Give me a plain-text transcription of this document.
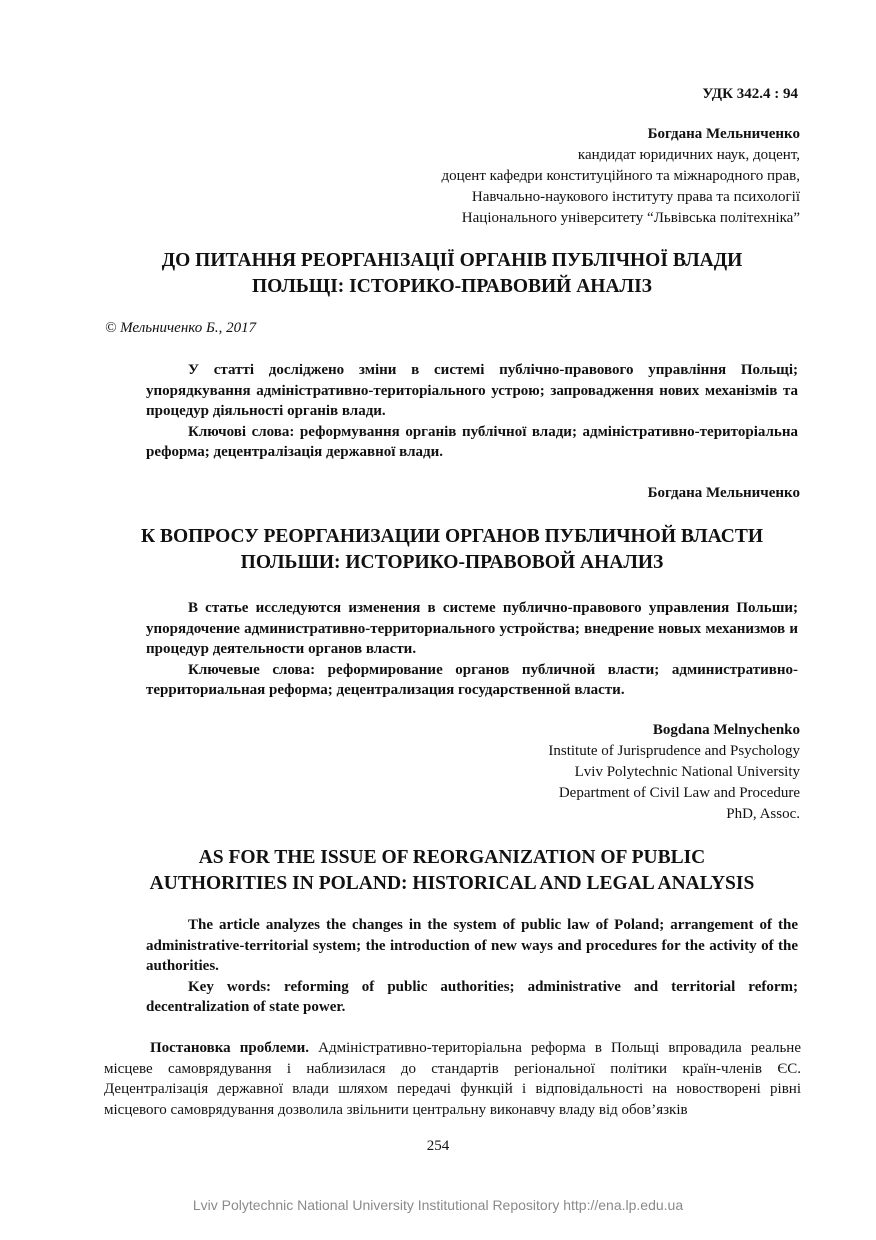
УДК 342.4 : 94
Богдана Мельниченко
кандидат юридичних наук, доцент,
доцент кафедри конституційного та міжнародного прав,
Навчально-наукового інституту права та психології
Національного університету “Львівська політехніка”
ДО ПИТАННЯ РЕОРГАНІЗАЦІЇ ОРГАНІВ ПУБЛІЧНОЇ ВЛАДИ
ПОЛЬЩІ: ІСТОРИКО-ПРАВОВИЙ АНАЛІЗ
© Мельниченко Б., 2017

У статті досліджено зміни в системі публічно-правового управління Польщі; упорядкування адміністративно-територіального устрою; запровадження нових механізмів та процедур діяльності органів влади.

Ключові слова: реформування органів публічної влади; адміністративно-територіальна реформа; децентралізація державної влади.

Богдана Мельниченко
К ВОПРОСУ РЕОРГАНИЗАЦИИ ОРГАНОВ ПУБЛИЧНОЙ ВЛАСТИ
ПОЛЬШИ: ИСТОРИКО-ПРАВОВОЙ АНАЛИЗ

В статье исследуются изменения в системе публично-правового управления Польши; упорядочение административно-территориального устройства; внедрение новых механизмов и процедур деятельности органов власти.

Ключевые слова: реформирование органов публичной власти; административно-территориальная реформа; децентрализация государственной власти.

Bogdana Melnychenko
Institute of Jurisprudence and Psychology
Lviv Polytechnic National University
Department of Civil Law and Procedure
PhD, Assoc.
AS FOR THE ISSUE OF REORGANIZATION OF PUBLIC
AUTHORITIES IN POLAND: HISTORICAL AND LEGAL ANALYSIS

The article analyzes the changes in the system of public law of Poland; arrangement of the administrative-territorial system; the introduction of new ways and procedures for the activity of the authorities.

Key words: reforming of public authorities; administrative and territorial reform; decentralization of state power.

Постановка проблеми. Адміністративно-територіальна реформа в Польщі впровадила реальне місцеве самоврядування і наблизилася до стандартів регіональної політики країн-членів ЄС. Децентралізація державної влади шляхом передачі функцій і відповідальності на новостворені рівні місцевого самоврядування дозволила звільнити центральну виконавчу владу від обов’язків

254
Lviv Polytechnic National University Institutional Repository http://ena.lp.edu.ua
